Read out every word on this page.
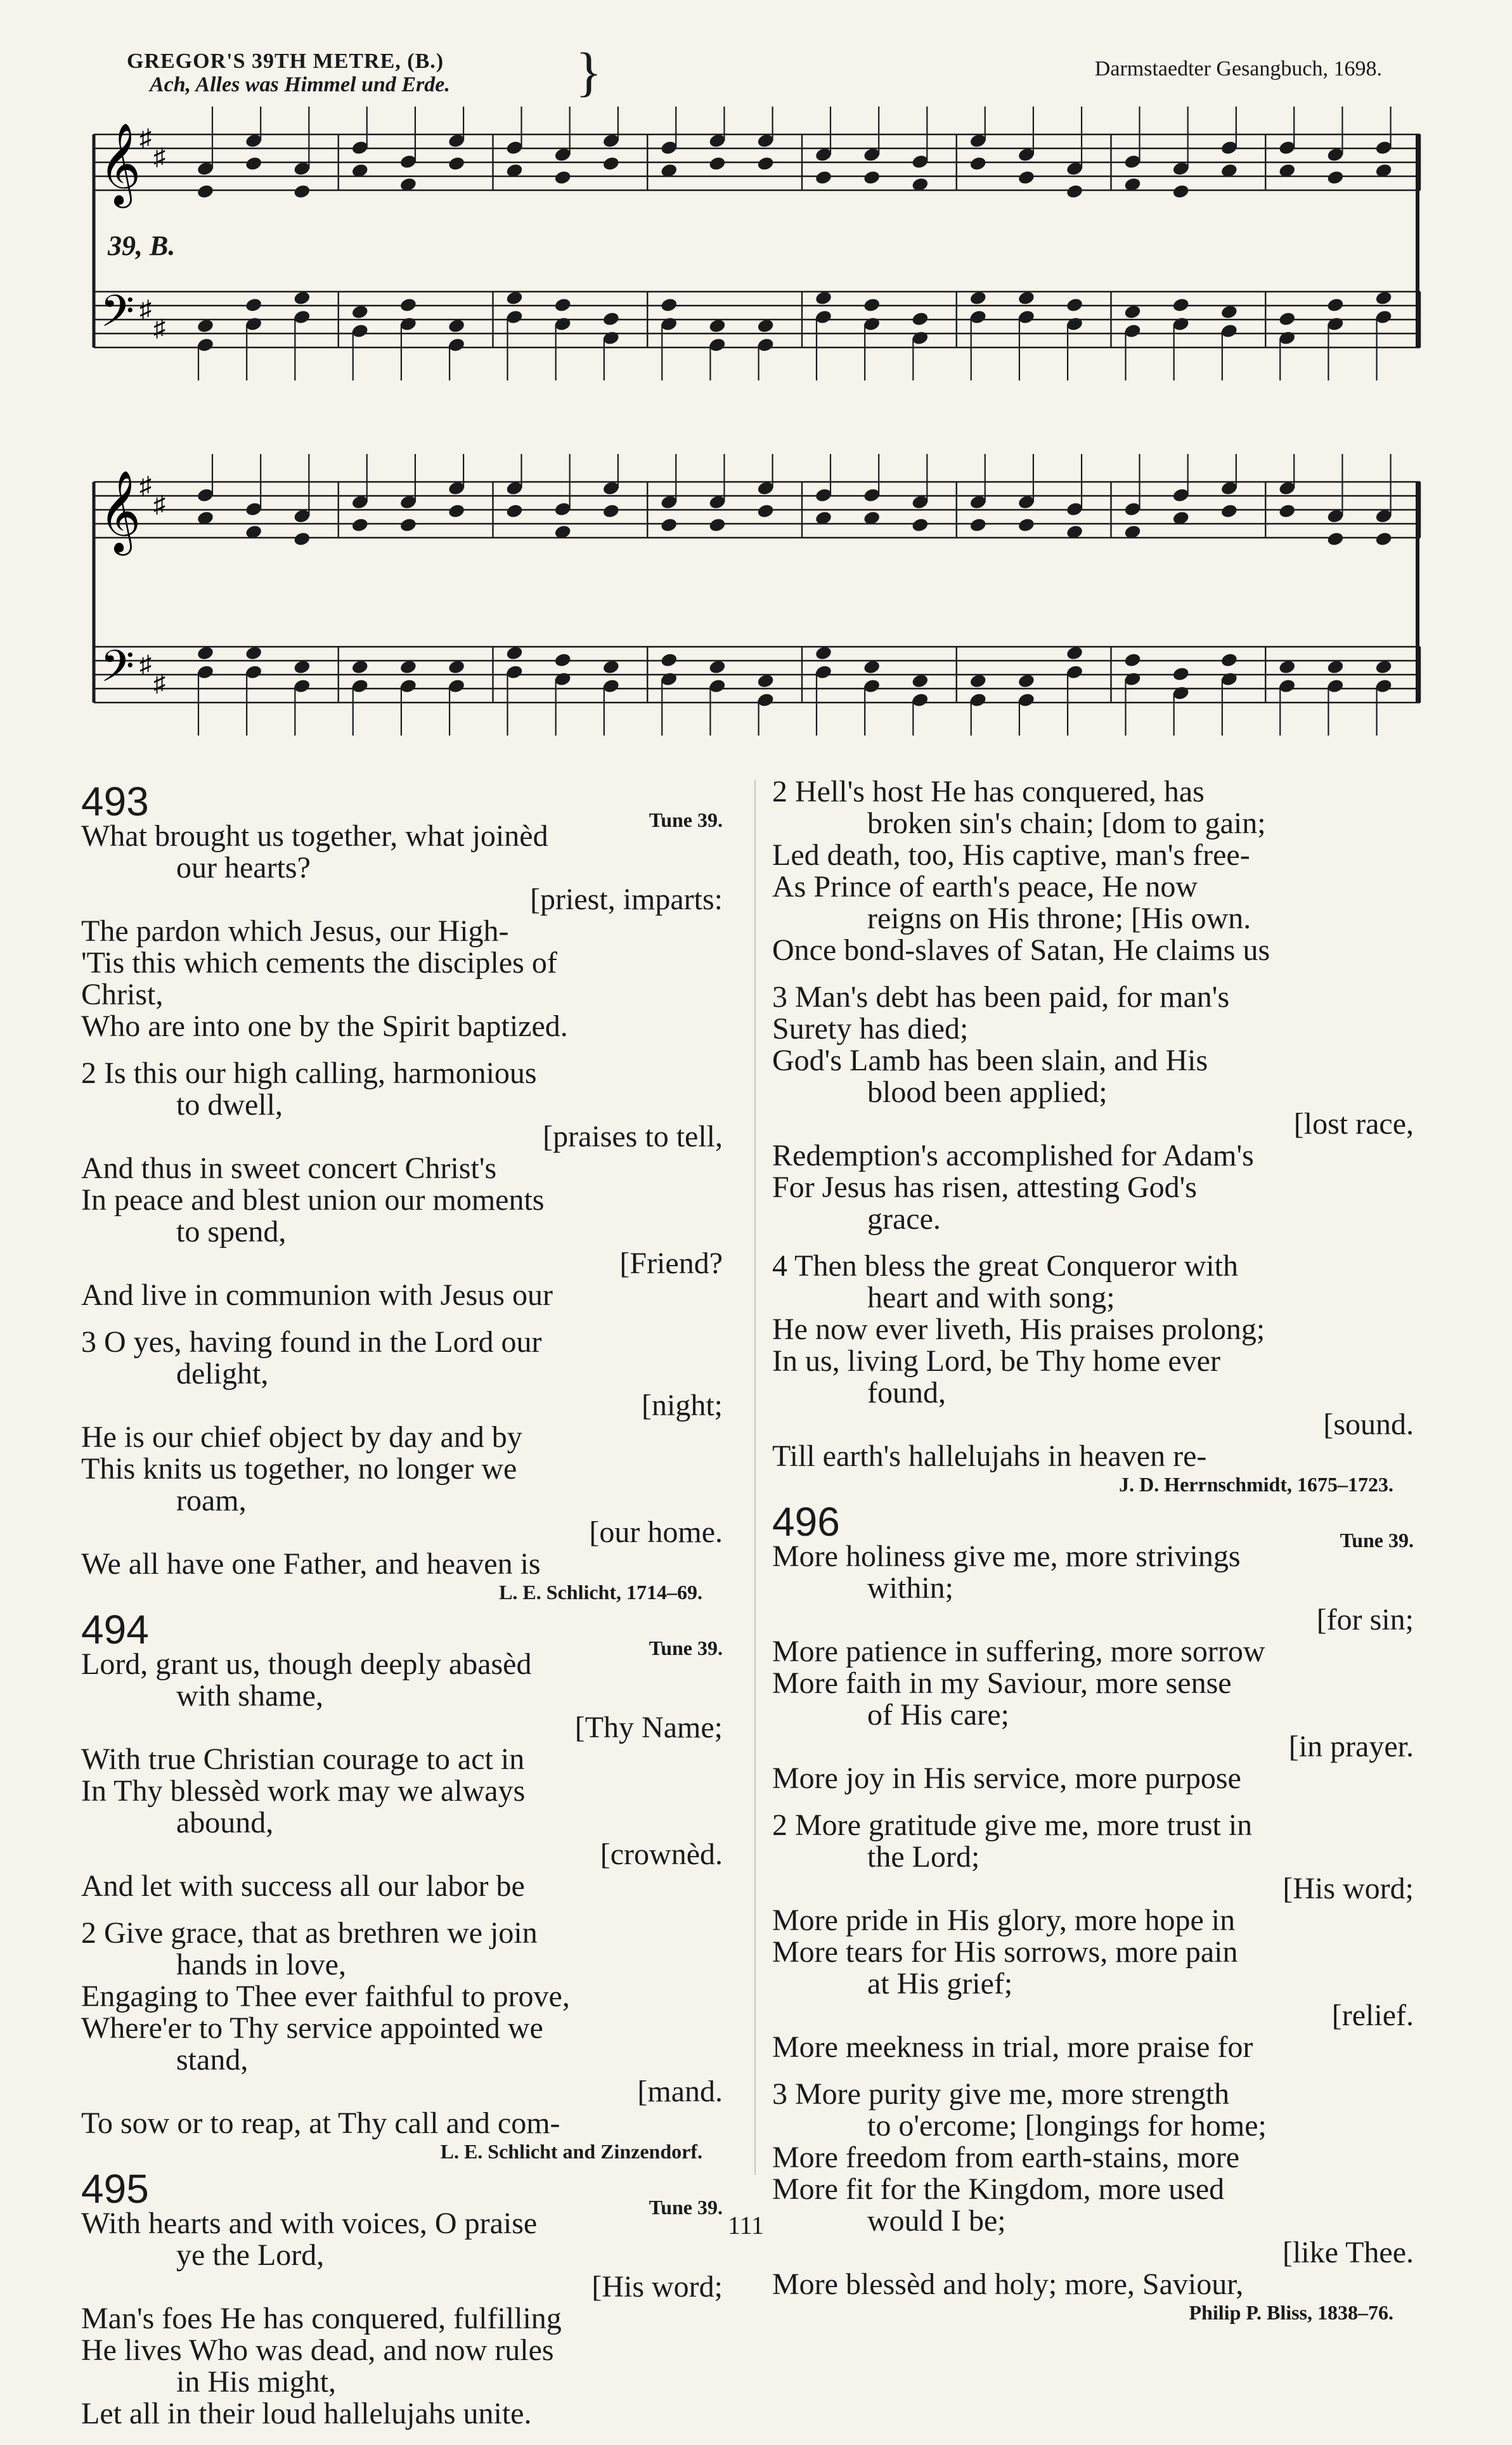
GREGOR'S 39TH METRE, (B.)
Ach, Alles was Himmel und Erde. }	Darmstaedter Gesangbuch, 1698.
39, B.
𝄞
𝄢
♯
♯
♯
♯
𝄞
𝄢
♯
♯
♯
♯
493	Tune 39.
What brought us together, what joinèd
our hearts?
[priest, imparts:
The pardon which Jesus, our High-
'Tis this which cements the disciples of
Christ,
Who are into one by the Spirit baptized.
2 Is this our high calling, harmonious
to dwell,
[praises to tell,
And thus in sweet concert Christ's
In peace and blest union our moments
to spend,
[Friend?
And live in communion with Jesus our
3 O yes, having found in the Lord our
delight,
[night;
He is our chief object by day and by
This knits us together, no longer we
roam,
[our home.
We all have one Father, and heaven is
L. E. Schlicht, 1714–69.
494	Tune 39.
Lord, grant us, though deeply abasèd
with shame,
[Thy Name;
With true Christian courage to act in
In Thy blessèd work may we always
abound,
[crownèd.
And let with success all our labor be
2 Give grace, that as brethren we join
hands in love,
Engaging to Thee ever faithful to prove,
Where'er to Thy service appointed we
stand,
[mand.
To sow or to reap, at Thy call and com-
L. E. Schlicht and Zinzendorf.
495	Tune 39.
With hearts and with voices, O praise
ye the Lord,
[His word;
Man's foes He has conquered, fulfilling
He lives Who was dead, and now rules
in His might,
Let all in their loud hallelujahs unite.
2 Hell's host He has conquered, has
broken sin's chain; [dom to gain;
Led death, too, His captive, man's free-
As Prince of earth's peace, He now
reigns on His throne; [His own.
Once bond-slaves of Satan, He claims us
3 Man's debt has been paid, for man's
Surety has died;
God's Lamb has been slain, and His
blood been applied;
[lost race,
Redemption's accomplished for Adam's
For Jesus has risen, attesting God's
grace.
4 Then bless the great Conqueror with
heart and with song;
He now ever liveth, His praises prolong;
In us, living Lord, be Thy home ever
found,
[sound.
Till earth's hallelujahs in heaven re-
J. D. Herrnschmidt, 1675–1723.
496	Tune 39.
More holiness give me, more strivings
within;
[for sin;
More patience in suffering, more sorrow
More faith in my Saviour, more sense
of His care;
[in prayer.
More joy in His service, more purpose
2 More gratitude give me, more trust in
the Lord;
[His word;
More pride in His glory, more hope in
More tears for His sorrows, more pain
at His grief;
[relief.
More meekness in trial, more praise for
3 More purity give me, more strength
to o'ercome; [longings for home;
More freedom from earth-stains, more
More fit for the Kingdom, more used
would I be;
[like Thee.
More blessèd and holy; more, Saviour,
Philip P. Bliss, 1838–76.
111
